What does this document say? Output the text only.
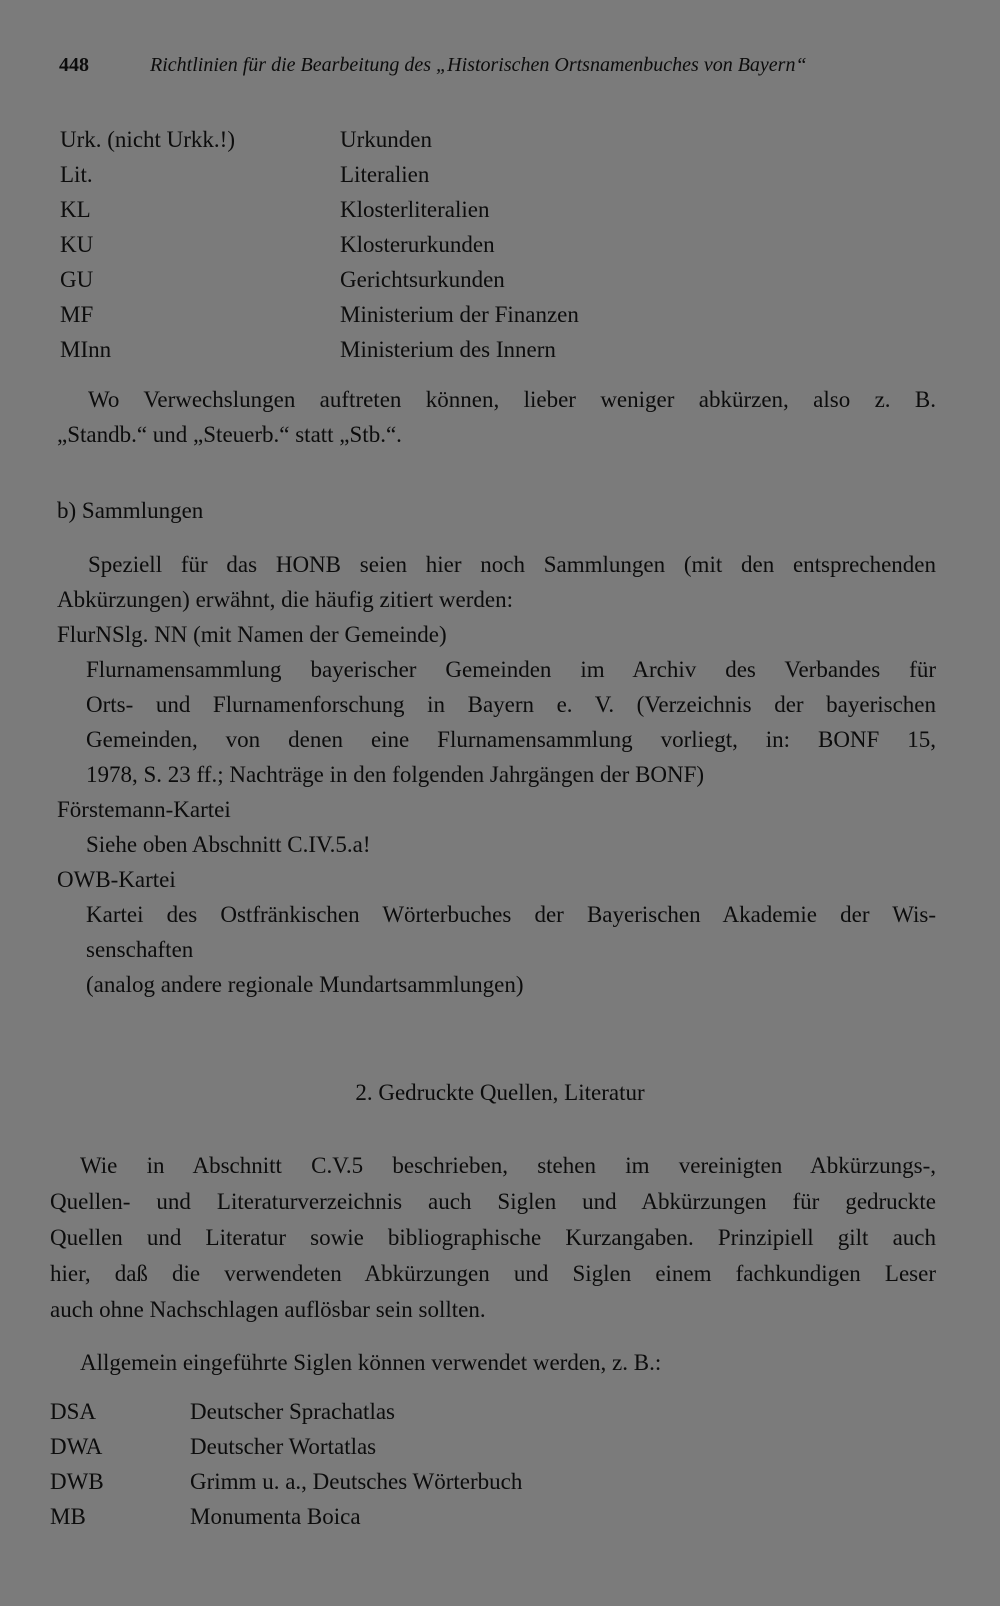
448	Richtlinien für die Bearbeitung des „Historischen Ortsnamenbuches von Bayern“
Urk. (nicht Urkk.!)	Urkunden
Lit.	Literalien
KL	Klosterliteralien
KU	Klosterurkunden
GU	Gerichtsurkunden
MF	Ministerium der Finanzen
MInn	Ministerium des Innern
Wo Verwechslungen auftreten können, lieber weniger abkürzen, also z. B.
„Standb.“ und „Steuerb.“ statt „Stb.“.
b) Sammlungen
Speziell für das HONB seien hier noch Sammlungen (mit den entsprechenden
Abkürzungen) erwähnt, die häufig zitiert werden:
FlurNSlg. NN (mit Namen der Gemeinde)
Flurnamensammlung bayerischer Gemeinden im Archiv des Verbandes für
Orts- und Flurnamenforschung in Bayern e. V. (Verzeichnis der bayerischen
Gemeinden, von denen eine Flurnamensammlung vorliegt, in: BONF 15,
1978, S. 23 ff.; Nachträge in den folgenden Jahrgängen der BONF)
Förstemann-Kartei
Siehe oben Abschnitt C.IV.5.a!
OWB-Kartei
Kartei des Ostfränkischen Wörterbuches der Bayerischen Akademie der Wis-
senschaften
(analog andere regionale Mundartsammlungen)
2. Gedruckte Quellen, Literatur
Wie in Abschnitt C.V.5 beschrieben, stehen im vereinigten Abkürzungs-,
Quellen- und Literaturverzeichnis auch Siglen und Abkürzungen für gedruckte
Quellen und Literatur sowie bibliographische Kurzangaben. Prinzipiell gilt auch
hier, daß die verwendeten Abkürzungen und Siglen einem fachkundigen Leser
auch ohne Nachschlagen auflösbar sein sollten.
Allgemein eingeführte Siglen können verwendet werden, z. B.:
DSA	Deutscher Sprachatlas
DWA	Deutscher Wortatlas
DWB	Grimm u. a., Deutsches Wörterbuch
MB	Monumenta Boica
